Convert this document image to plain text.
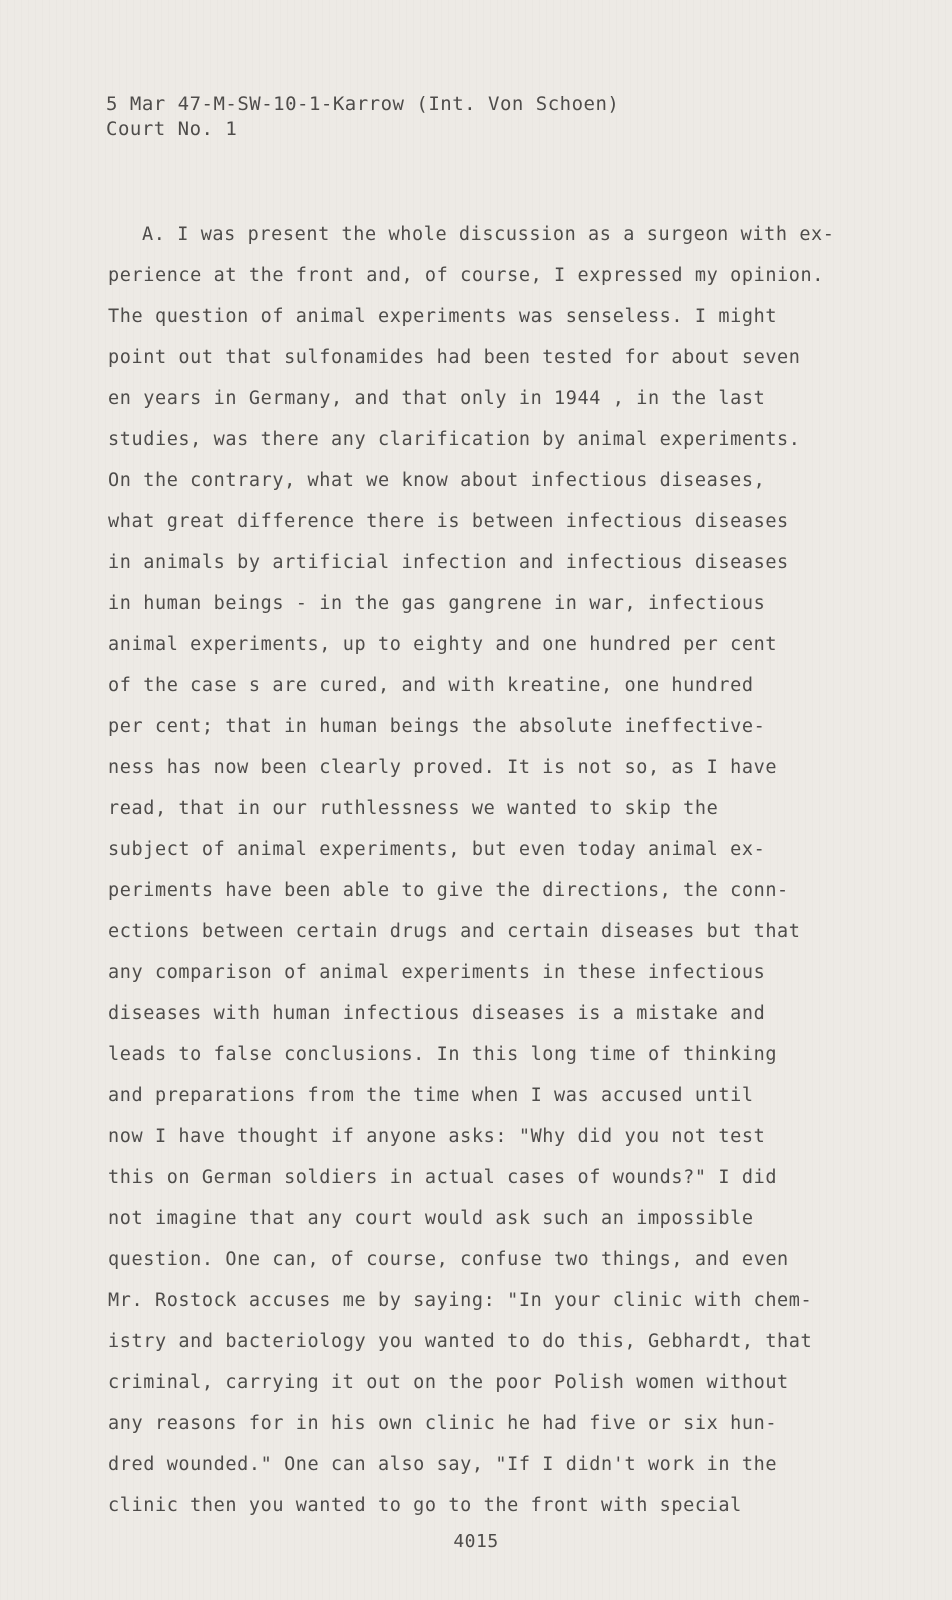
5 Mar 47-M-SW-10-1-Karrow (Int. Von Schoen)
Court No. 1
A. I was present the whole discussion as a surgeon with ex-
perience at the front and, of course, I expressed my opinion.
The question of animal experiments was senseless. I might
point out that sulfonamides had been tested for about seven
en years in Germany, and that only in 1944 , in the last
studies, was there any clarification by animal experiments.
On the contrary, what we know about infectious diseases,
what great difference there is between infectious diseases
in animals by artificial infection and infectious diseases
in human beings - in the gas gangrene in war, infectious
animal experiments, up to eighty and one hundred per cent
of the case s are cured, and with kreatine, one hundred
per cent; that in human beings the absolute ineffective-
ness has now been clearly proved. It is not so, as I have
read, that in our ruthlessness we wanted to skip the
subject of animal experiments, but even today animal ex-
periments have been able to give the directions, the conn-
ections between certain drugs and certain diseases but that
any comparison of animal experiments in these infectious
diseases with human infectious diseases is a mistake and
leads to false conclusions. In this long time of thinking
and preparations from the time when I was accused until
now I have thought if anyone asks: "Why did you not test
this on German soldiers in actual cases of wounds?" I did
not imagine that any court would ask such an impossible
question. One can, of course, confuse two things, and even
Mr. Rostock accuses me by saying: "In your clinic with chem-
istry and bacteriology you wanted to do this, Gebhardt, that
criminal, carrying it out on the poor Polish women without
any reasons for in his own clinic he had five or six hun-
dred wounded." One can also say, "If I didn't work in the
clinic then you wanted to go to the front with special
4015
